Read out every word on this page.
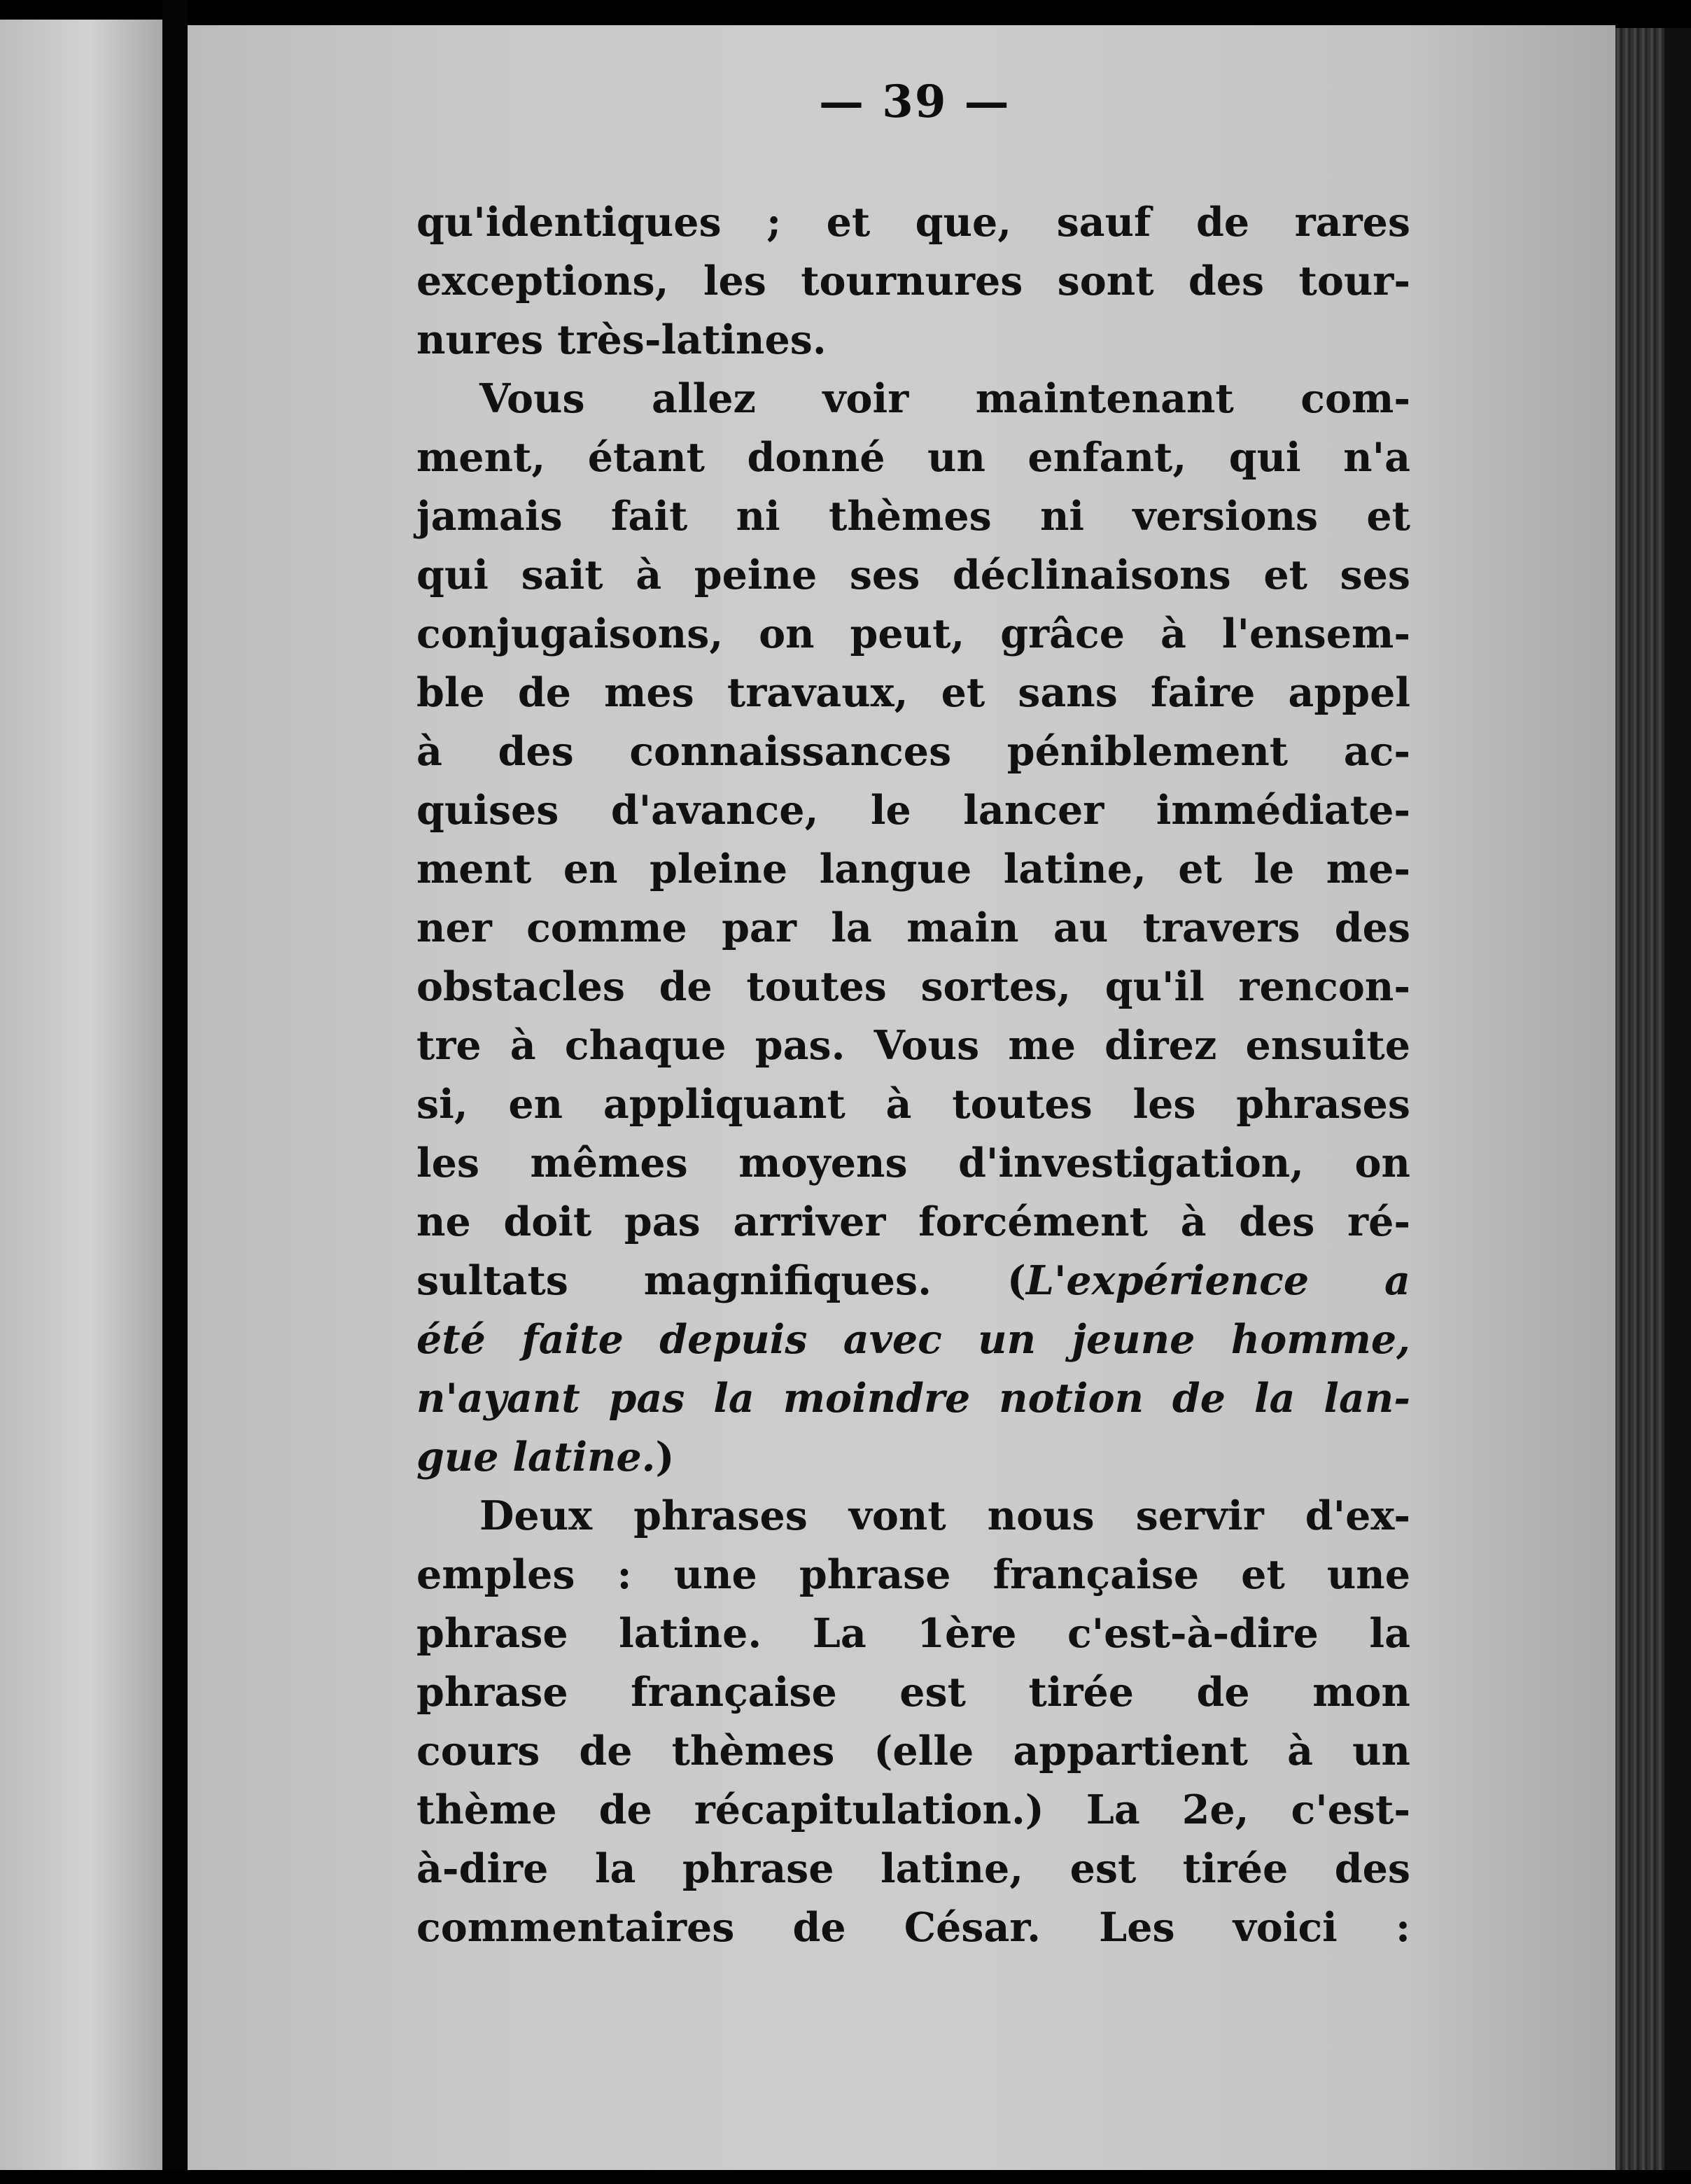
— 39 —
qu'identiques ; et que, sauf de rares
exceptions, les tournures sont des tour-
nures très-latines.
Vous allez voir maintenant com-
ment, étant donné un enfant, qui n'a
jamais fait ni thèmes ni versions et
qui sait à peine ses déclinaisons et ses
conjugaisons, on peut, grâce à l'ensem-
ble de mes travaux, et sans faire appel
à des connaissances péniblement ac-
quises d'avance, le lancer immédiate-
ment en pleine langue latine, et le me-
ner comme par la main au travers des
obstacles de toutes sortes, qu'il rencon-
tre à chaque pas. Vous me direz ensuite
si, en appliquant à toutes les phrases
les mêmes moyens d'investigation, on
ne doit pas arriver forcément à des ré-
sultats magnifiques. (L'expérience a
été faite depuis avec un jeune homme,
n'ayant pas la moindre notion de la lan-
gue latine.)
Deux phrases vont nous servir d'ex-
emples : une phrase française et une
phrase latine. La 1ère c'est-à-dire la
phrase française est tirée de mon
cours de thèmes (elle appartient à un
thème de récapitulation.) La 2e, c'est-
à-dire la phrase latine, est tirée des
commentaires de César. Les voici :
